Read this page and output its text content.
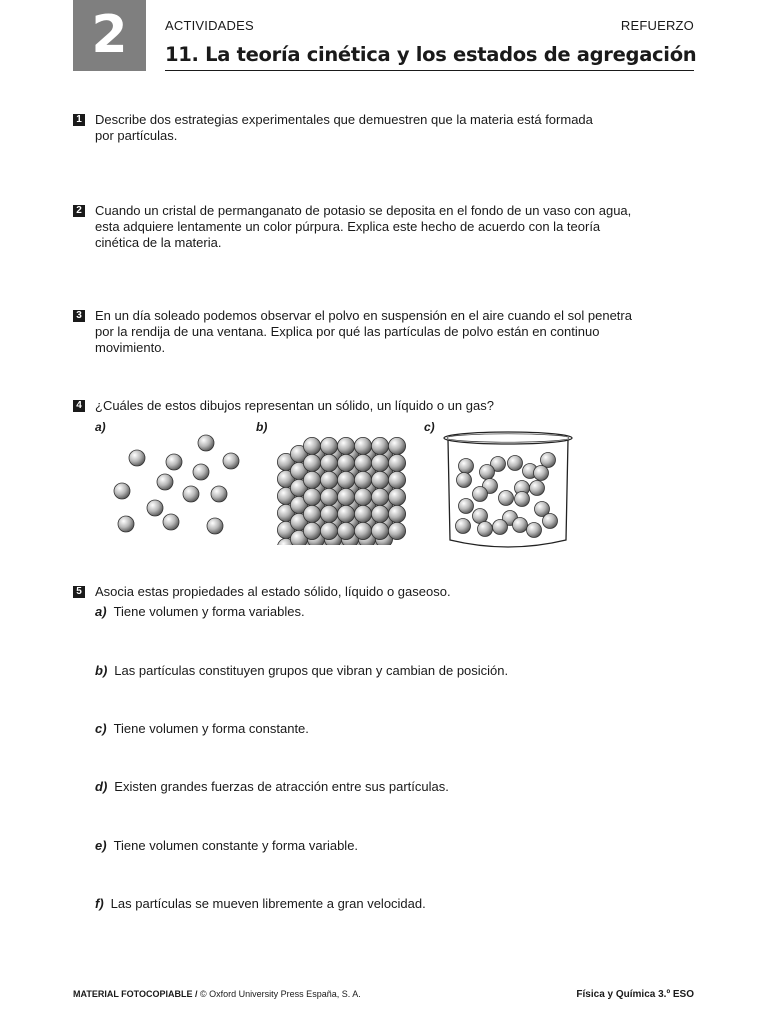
2	ACTIVIDADES	REFUERZO
11. La teoría cinética y los estados de agregación
1 Describe dos estrategias experimentales que demuestren que la materia está formada por partículas.
2 Cuando un cristal de permanganato de potasio se deposita en el fondo de un vaso con agua, esta adquiere lentamente un color púrpura. Explica este hecho de acuerdo con la teoría cinética de la materia.
3 En un día soleado podemos observar el polvo en suspensión en el aire cuando el sol penetra por la rendija de una ventana. Explica por qué las partículas de polvo están en continuo movimiento.
4 ¿Cuáles de estos dibujos representan un sólido, un líquido o un gas?
a)	b)	c)
5 Asocia estas propiedades al estado sólido, líquido o gaseoso.
a) Tiene volumen y forma variables.
b) Las partículas constituyen grupos que vibran y cambian de posición.
c) Tiene volumen y forma constante.
d) Existen grandes fuerzas de atracción entre sus partículas.
e) Tiene volumen constante y forma variable.
f) Las partículas se mueven libremente a gran velocidad.
MATERIAL FOTOCOPIABLE / © Oxford University Press España, S. A.	Física y Química 3.º ESO
